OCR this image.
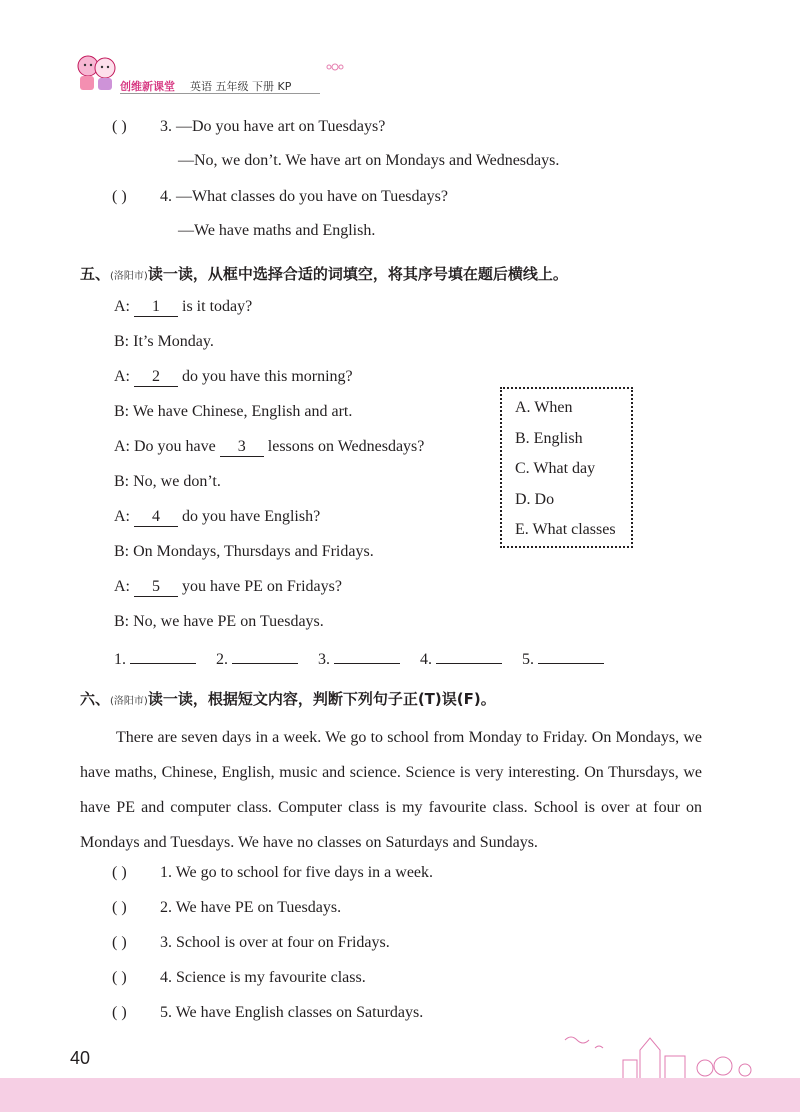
创维新课堂 英语 五年级 下册 KP
( ) 3. —Do you have art on Tuesdays?
—No, we don’t. We have art on Mondays and Wednesdays.
( ) 4. —What classes do you have on Tuesdays?
—We have maths and English.
五、(洛阳市)读一读，从框中选择合适的词填空，将其序号填在题后横线上。
A: 1 is it today?
B: It’s Monday.
A: 2 do you have this morning?
B: We have Chinese, English and art.
A: Do you have 3 lessons on Wednesdays?
B: No, we don’t.
A: 4 do you have English?
B: On Mondays, Thursdays and Fridays.
A: 5 you have PE on Fridays?
B: No, we have PE on Tuesdays.
A. When
B. English
C. What day
D. Do
E. What classes
1.	2.	3.	4.	5.
六、(洛阳市)读一读，根据短文内容，判断下列句子正(T)误(F)。

There are seven days in a week. We go to school from Monday to Friday. On Mondays, we have maths, Chinese, English, music and science. Science is very interesting. On Thursdays, we have PE and computer class. Computer class is my favourite class. School is over at four on Mondays and Tuesdays. We have no classes on Saturdays and Sundays.

( ) 1. We go to school for five days in a week.
( ) 2. We have PE on Tuesdays.
( ) 3. School is over at four on Fridays.
( ) 4. Science is my favourite class.
( ) 5. We have English classes on Saturdays.
40
